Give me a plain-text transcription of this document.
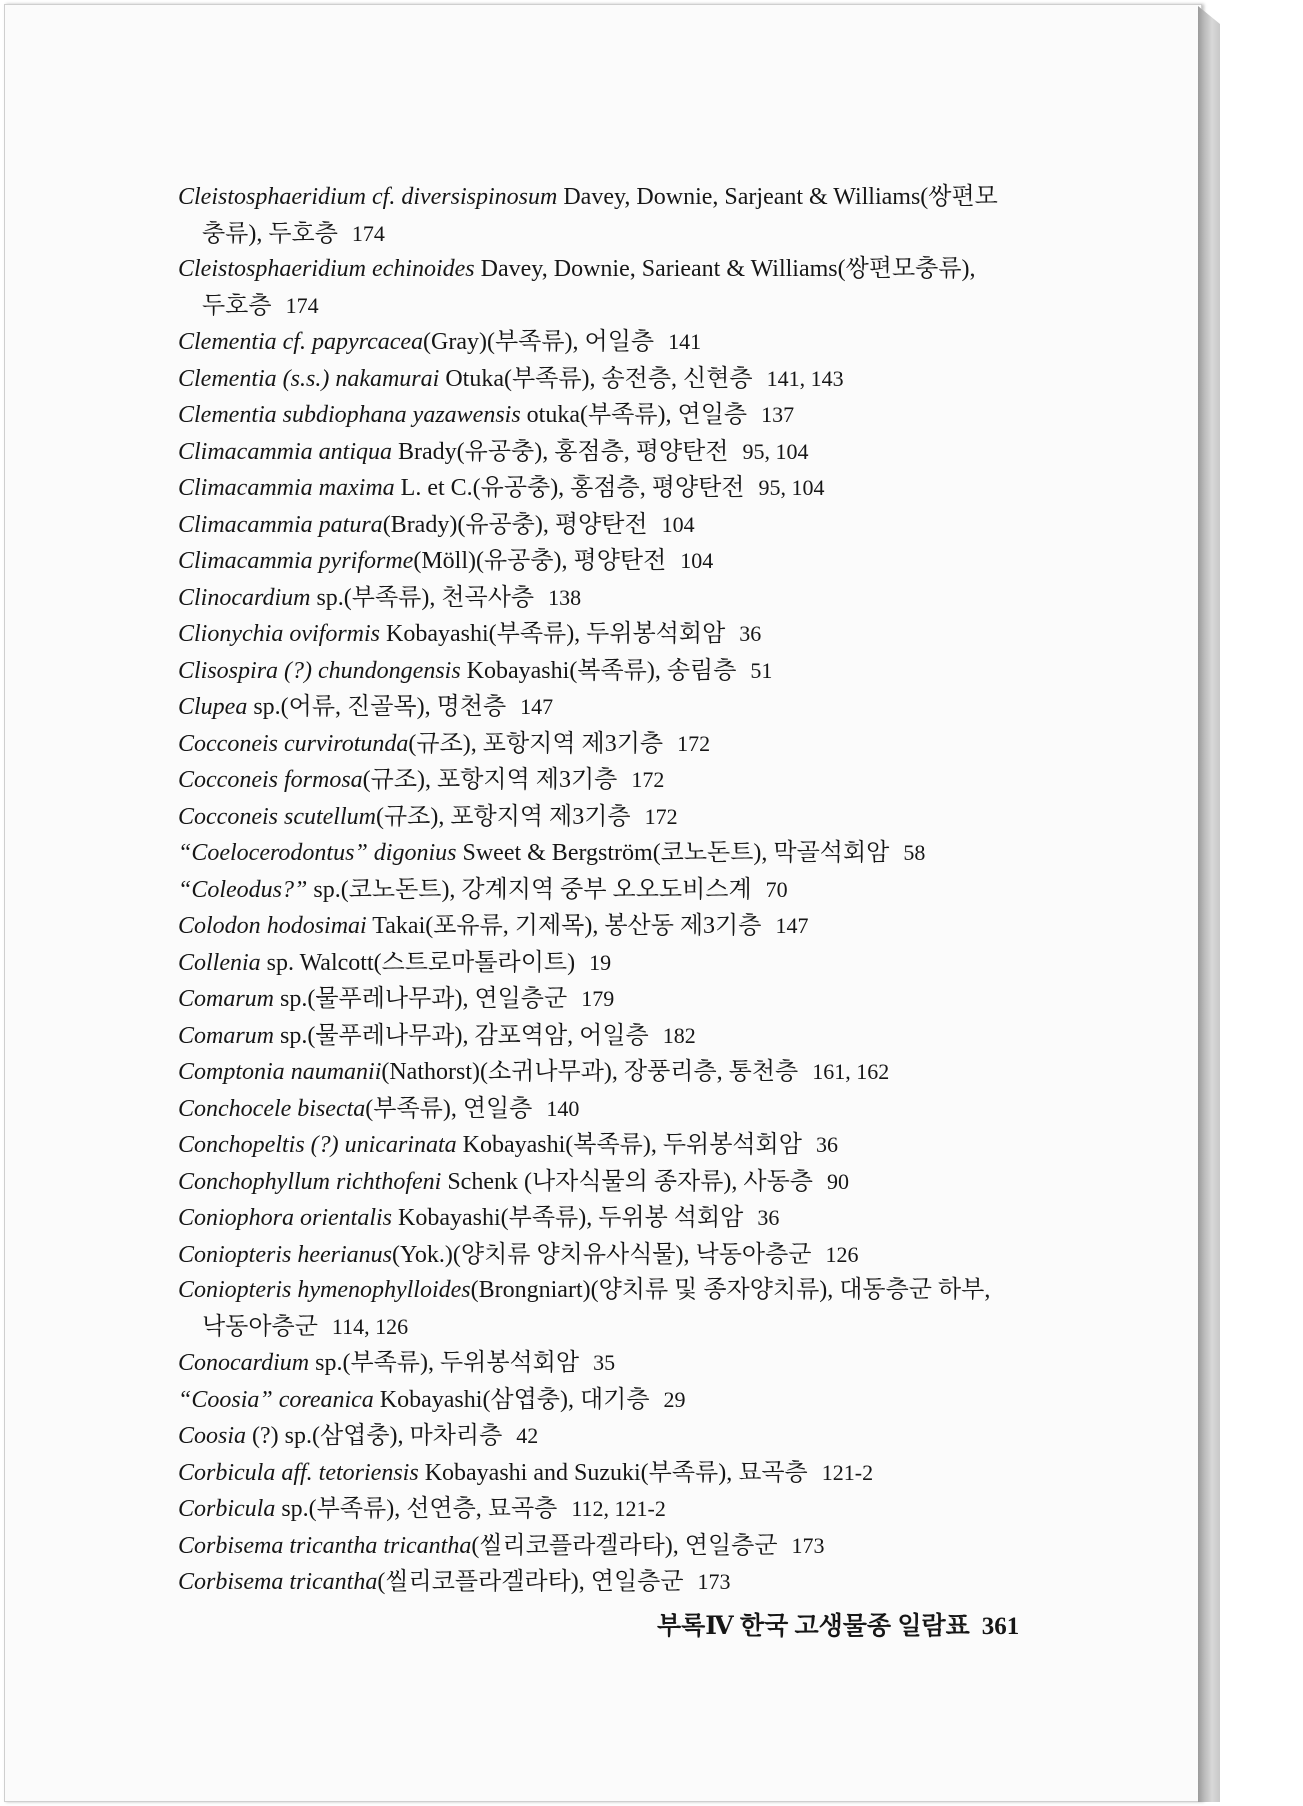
Cleistosphaeridium cf. diversispinosum Davey, Downie, Sarjeant & Williams(쌍편모
충류), 두호층 174
Cleistosphaeridium echinoides Davey, Downie, Sarieant & Williams(쌍편모충류),
두호층 174
Clementia cf. papyrcacea(Gray)(부족류), 어일층 141
Clementia (s.s.) nakamurai Otuka(부족류), 송전층, 신현층 141, 143
Clementia subdiophana yazawensis otuka(부족류), 연일층 137
Climacammia antiqua Brady(유공충), 홍점층, 평양탄전 95, 104
Climacammia maxima L. et C.(유공충), 홍점층, 평양탄전 95, 104
Climacammia patura(Brady)(유공충), 평양탄전 104
Climacammia pyriforme(Möll)(유공충), 평양탄전 104
Clinocardium sp.(부족류), 천곡사층 138
Clionychia oviformis Kobayashi(부족류), 두위봉석회암 36
Clisospira (?) chundongensis Kobayashi(복족류), 송림층 51
Clupea sp.(어류, 진골목), 명천층 147
Cocconeis curvirotunda(규조), 포항지역 제3기층 172
Cocconeis formosa(규조), 포항지역 제3기층 172
Cocconeis scutellum(규조), 포항지역 제3기층 172
“Coelocerodontus” digonius Sweet & Bergström(코노돈트), 막골석회암 58
“Coleodus?” sp.(코노돈트), 강계지역 중부 오오도비스계 70
Colodon hodosimai Takai(포유류, 기제목), 봉산동 제3기층 147
Collenia sp. Walcott(스트로마톨라이트) 19
Comarum sp.(물푸레나무과), 연일층군 179
Comarum sp.(물푸레나무과), 감포역암, 어일층 182
Comptonia naumanii(Nathorst)(소귀나무과), 장풍리층, 통천층 161, 162
Conchocele bisecta(부족류), 연일층 140
Conchopeltis (?) unicarinata Kobayashi(복족류), 두위봉석회암 36
Conchophyllum richthofeni Schenk (나자식물의 종자류), 사동층 90
Coniophora orientalis Kobayashi(부족류), 두위봉 석회암 36
Coniopteris heerianus(Yok.)(양치류 양치유사식물), 낙동아층군 126
Coniopteris hymenophylloides(Brongniart)(양치류 및 종자양치류), 대동층군 하부,
낙동아층군 114, 126
Conocardium sp.(부족류), 두위봉석회암 35
“Coosia” coreanica Kobayashi(삼엽충), 대기층 29
Coosia (?) sp.(삼엽충), 마차리층 42
Corbicula aff. tetoriensis Kobayashi and Suzuki(부족류), 묘곡층 121-2
Corbicula sp.(부족류), 선연층, 묘곡층 112, 121-2
Corbisema tricantha tricantha(씰리코플라겔라타), 연일층군 173
Corbisema tricantha(씰리코플라겔라타), 연일층군 173
부록Ⅳ 한국 고생물종 일람표 361
